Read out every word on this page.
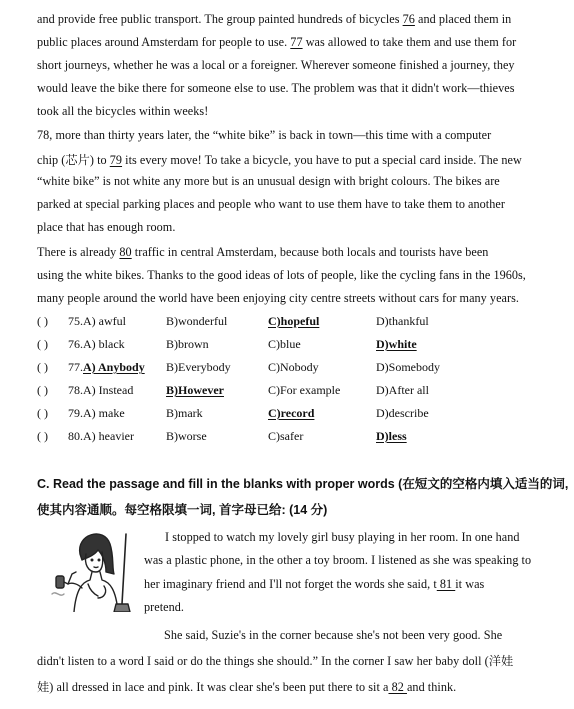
and provide free public transport. The group painted hundreds of bicycles 76 and placed them in
public places around Amsterdam for people to use. 77 was allowed to take them and use them for
short journeys, whether he was a local or a foreigner. Wherever someone finished a journey, they
would leave the bike there for someone else to use. The problem was that it didn't work—thieves
took all the bicycles within weeks!
78, more than thirty years later, the “white bike” is back in town—this time with a computer
chip (芯片) to 79 its every move! To take a bicycle, you have to put a special card inside. The new
“white bike” is not white any more but is an unusual design with bright colours. The bikes are
parked at special parking places and people who want to use them have to take them to another
place that has enough room.
There is already 80 traffic in central Amsterdam, because both locals and tourists have been
using the white bikes. Thanks to the good ideas of lots of people, like the cycling fans in the 1960s,
many people around the world have been enjoying city centre streets without cars for many years.
( ) 75.A) awful	B)wonderful	C)hopeful	D)thankful
( ) 76.A) black	B)brown	C)blue	D)white
( ) 77.A) Anybody B)Everybody	C)Nobody	D)Somebody
( ) 78.A) Instead	B)However	C)For example	D)After all
( ) 79.A) make	B)mark	C)record	D)describe
( ) 80.A) heavier	B)worse	C)safer	D)less
C. Read the passage and fill in the blanks with proper words (在短文的空格内填入适当的词,
使其内容通顺。每空格限填一词, 首字母已给: (14 分)
I stopped to watch my lovely girl busy playing in her room. In one hand
was a plastic phone, in the other a toy broom. I listened as she was speaking to
her imaginary friend and I'll not forget the words she said, t 81 it was
pretend.
She said, Suzie's in the corner because she's not been very good. She
didn't listen to a word I said or do the things she should.” In the corner I saw her baby doll (洋娃
娃) all dressed in lace and pink. It was clear she's been put there to sit a 82 and think.
